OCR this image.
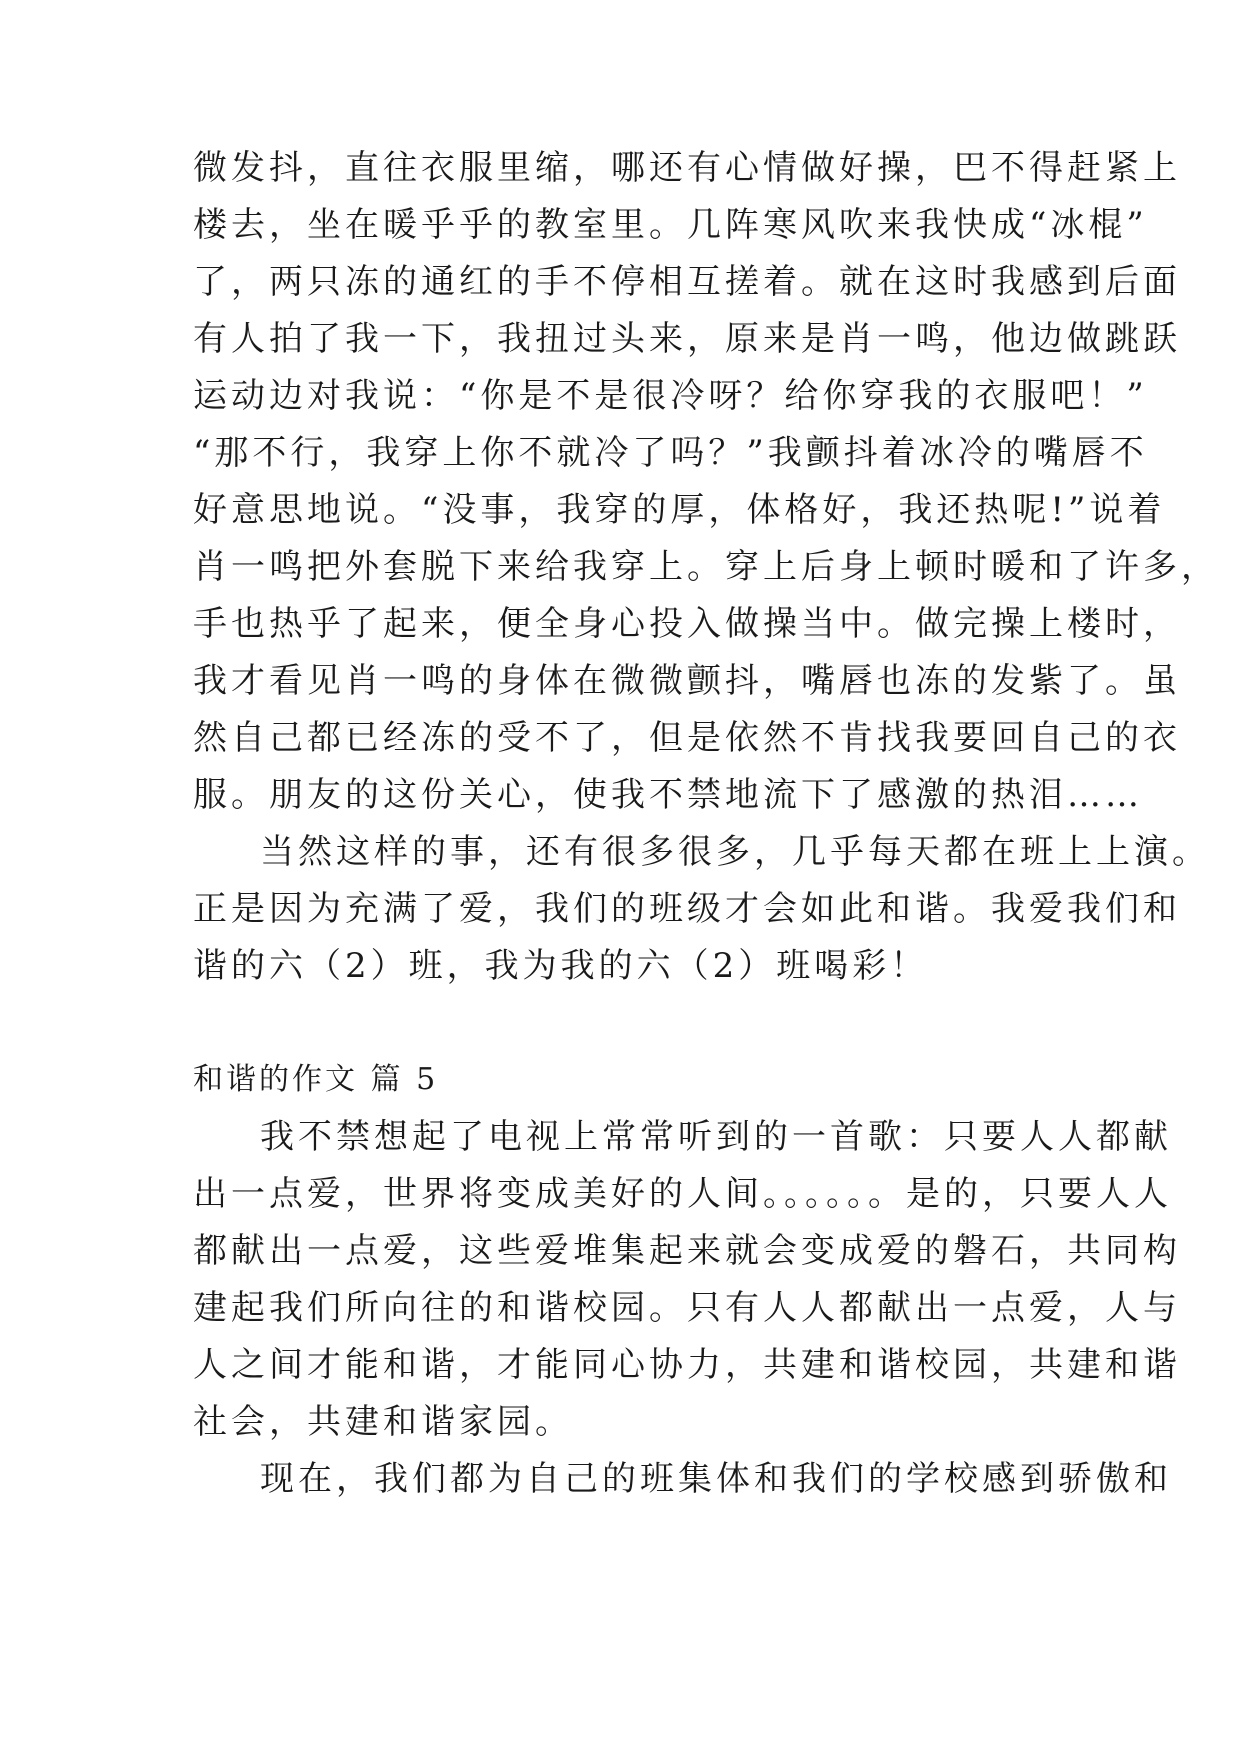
微发抖，直往衣服里缩，哪还有心情做好操，巴不得赶紧上
楼去，坐在暖乎乎的教室里。几阵寒风吹来我快成“冰棍”
了，两只冻的通红的手不停相互搓着。就在这时我感到后面
有人拍了我一下，我扭过头来，原来是肖一鸣，他边做跳跃
运动边对我说：“你是不是很冷呀？给你穿我的衣服吧！”
“那不行，我穿上你不就冷了吗？”我颤抖着冰冷的嘴唇不
好意思地说。“没事，我穿的厚，体格好，我还热呢!”说着
肖一鸣把外套脱下来给我穿上。穿上后身上顿时暖和了许多，
手也热乎了起来，便全身心投入做操当中。做完操上楼时，
我才看见肖一鸣的身体在微微颤抖，嘴唇也冻的发紫了。虽
然自己都已经冻的受不了，但是依然不肯找我要回自己的衣
服。朋友的这份关心，使我不禁地流下了感激的热泪……
当然这样的事，还有很多很多，几乎每天都在班上上演。
正是因为充满了爱，我们的班级才会如此和谐。我爱我们和
谐的六（2）班，我为我的六（2）班喝彩！
和谐的作文 篇 5
我不禁想起了电视上常常听到的一首歌：只要人人都献
出一点爱，世界将变成美好的人间。。。。。。是的，只要人人
都献出一点爱，这些爱堆集起来就会变成爱的磐石，共同构
建起我们所向往的和谐校园。只有人人都献出一点爱，人与
人之间才能和谐，才能同心协力，共建和谐校园，共建和谐
社会，共建和谐家园。
现在，我们都为自己的班集体和我们的学校感到骄傲和
